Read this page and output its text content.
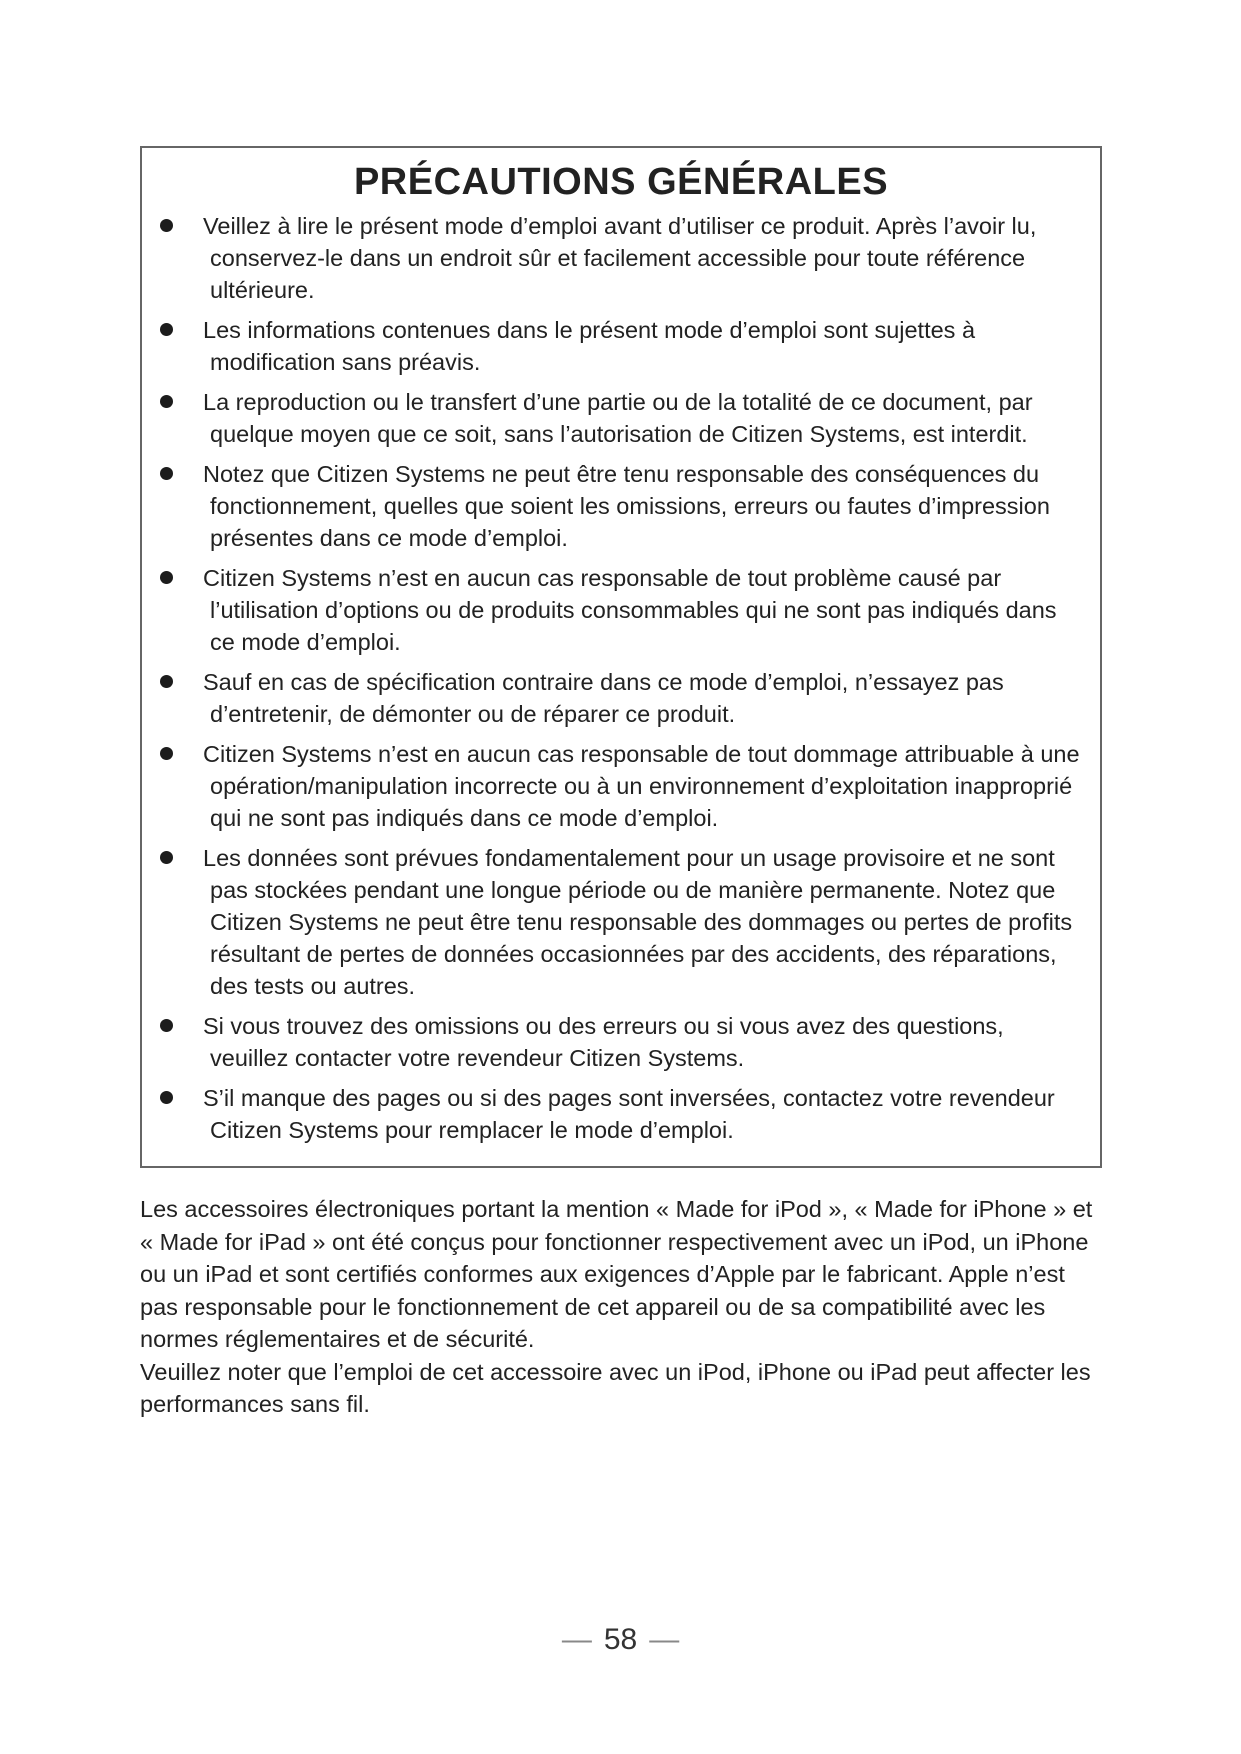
PRÉCAUTIONS GÉNÉRALES
Veillez à lire le présent mode d’emploi avant d’utiliser ce produit. Après l’avoir lu, conservez-le dans un endroit sûr et facilement accessible pour toute référence ultérieure.
Les informations contenues dans le présent mode d’emploi sont sujettes à modification sans préavis.
La reproduction ou le transfert d’une partie ou de la totalité de ce document, par quelque moyen que ce soit, sans l’autorisation de Citizen Systems, est interdit.
Notez que Citizen Systems ne peut être tenu responsable des conséquences du fonctionnement, quelles que soient les omissions, erreurs ou fautes d’impression présentes dans ce mode d’emploi.
Citizen Systems n’est en aucun cas responsable de tout problème causé par l’utilisation d’options ou de produits consommables qui ne sont pas indiqués dans ce mode d’emploi.
Sauf en cas de spécification contraire dans ce mode d’emploi, n’essayez pas d’entretenir, de démonter ou de réparer ce produit.
Citizen Systems n’est en aucun cas responsable de tout dommage attribuable à une opération/manipulation incorrecte ou à un environnement d’exploitation inapproprié qui ne sont pas indiqués dans ce mode d’emploi.
Les données sont prévues fondamentalement pour un usage provisoire et ne sont pas stockées pendant une longue période ou de manière permanente. Notez que Citizen Systems ne peut être tenu responsable des dommages ou pertes de profits résultant de pertes de données occasionnées par des accidents, des réparations, des tests ou autres.
Si vous trouvez des omissions ou des erreurs ou si vous avez des questions, veuillez contacter votre revendeur Citizen Systems.
S’il manque des pages ou si des pages sont inversées, contactez votre revendeur Citizen Systems pour remplacer le mode d’emploi.

Les accessoires électroniques portant la mention « Made for iPod », « Made for iPhone » et « Made for iPad » ont été conçus pour fonctionner respectivement avec un iPod, un iPhone ou un iPad et sont certifiés conformes aux exigences d’Apple par le fabricant. Apple n’est pas responsable pour le fonctionnement de cet appareil ou de sa compatibilité avec les normes réglementaires et de sécurité.

Veuillez noter que l’emploi de cet accessoire avec un iPod, iPhone ou iPad peut affecter les performances sans fil.

— 58 —
